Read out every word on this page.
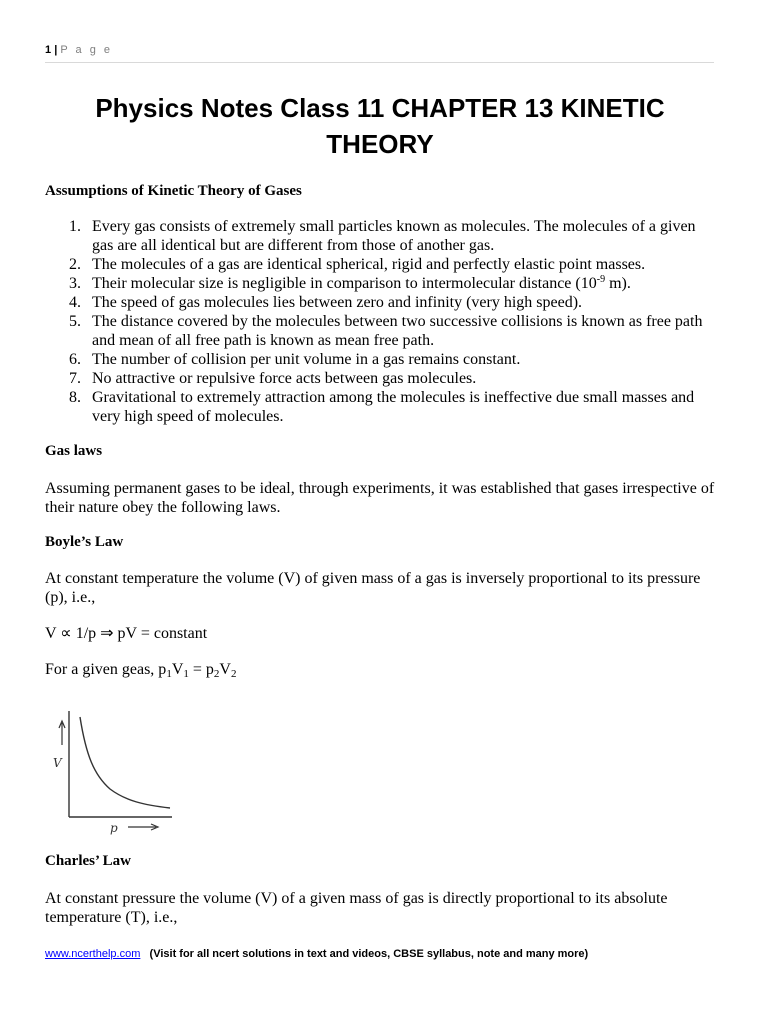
1 | P a g e
Physics Notes Class 11 CHAPTER 13 KINETIC
THEORY
Assumptions of Kinetic Theory of Gases
1. Every gas consists of extremely small particles known as molecules. The molecules of a given gas are all identical but are different from those of another gas.
2. The molecules of a gas are identical spherical, rigid and perfectly elastic point masses.
3. Their molecular size is negligible in comparison to intermolecular distance ($10^{-9}$ m).
4. The speed of gas molecules lies between zero and infinity (very high speed).
5. The distance covered by the molecules between two successive collisions is known as free path and mean of all free path is known as mean free path.
6. The number of collision per unit volume in a gas remains constant.
7. No attractive or repulsive force acts between gas molecules.
8. Gravitational to extremely attraction among the molecules is ineffective due small masses and very high speed of molecules.
Gas laws
Assuming permanent gases to be ideal, through experiments, it was established that gases irrespective of their nature obey the following laws.
Boyle’s Law
At constant temperature the volume (V) of given mass of a gas is inversely proportional to its pressure (p), i.e.,
V ∝ 1/p ⇒ pV = constant
For a given geas, $p_1V_1 = p_2V_2$
V
p
Charles’ Law
At constant pressure the volume (V) of a given mass of gas is directly proportional to its absolute temperature (T), i.e.,
www.ncerthelp.com (Visit for all ncert solutions in text and videos, CBSE syllabus, note and many more)
